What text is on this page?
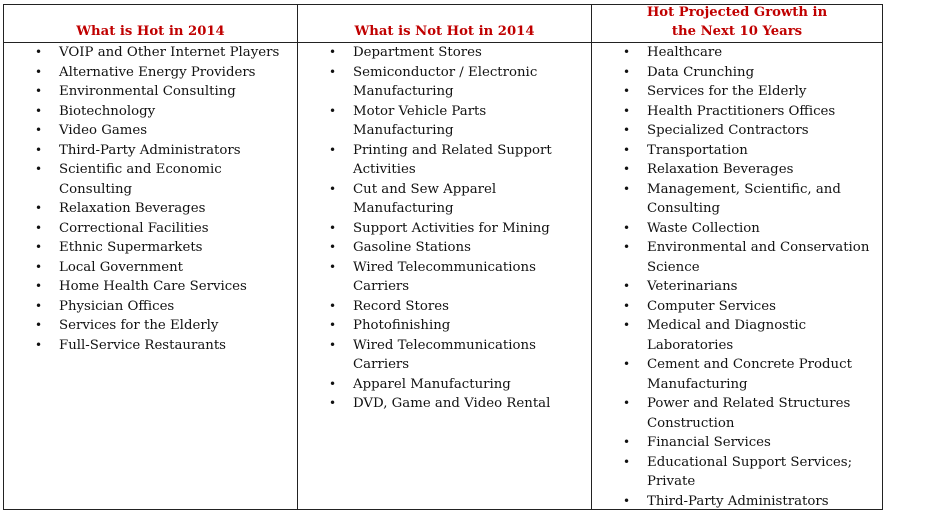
What is Hot in 2014	What is Not Hot in 2014
Hot Projected Growth in
the Next 10 Years
• VOIP and Other Internet Players
• Alternative Energy Providers
• Environmental Consulting
• Biotechnology
• Video Games
• Third-Party Administrators
• Scientific and Economic Consulting
• Relaxation Beverages
• Correctional Facilities
• Ethnic Supermarkets
• Local Government
• Home Health Care Services
• Physician Offices
• Services for the Elderly
• Full-Service Restaurants
• Department Stores
• Semiconductor / Electronic Manufacturing
• Motor Vehicle Parts Manufacturing
• Printing and Related Support Activities
• Cut and Sew Apparel Manufacturing
• Support Activities for Mining
• Gasoline Stations
• Wired Telecommunications Carriers
• Record Stores
• Photofinishing
• Wired Telecommunications Carriers
• Apparel Manufacturing
• DVD, Game and Video Rental
• Healthcare
• Data Crunching
• Services for the Elderly
• Health Practitioners Offices
• Specialized Contractors
• Transportation
• Relaxation Beverages
• Management, Scientific, and Consulting
• Waste Collection
• Environmental and Conservation Science
• Veterinarians
• Computer Services
• Medical and Diagnostic Laboratories
• Cement and Concrete Product Manufacturing
• Power and Related Structures Construction
• Financial Services
• Educational Support Services; Private
• Third-Party Administrators
